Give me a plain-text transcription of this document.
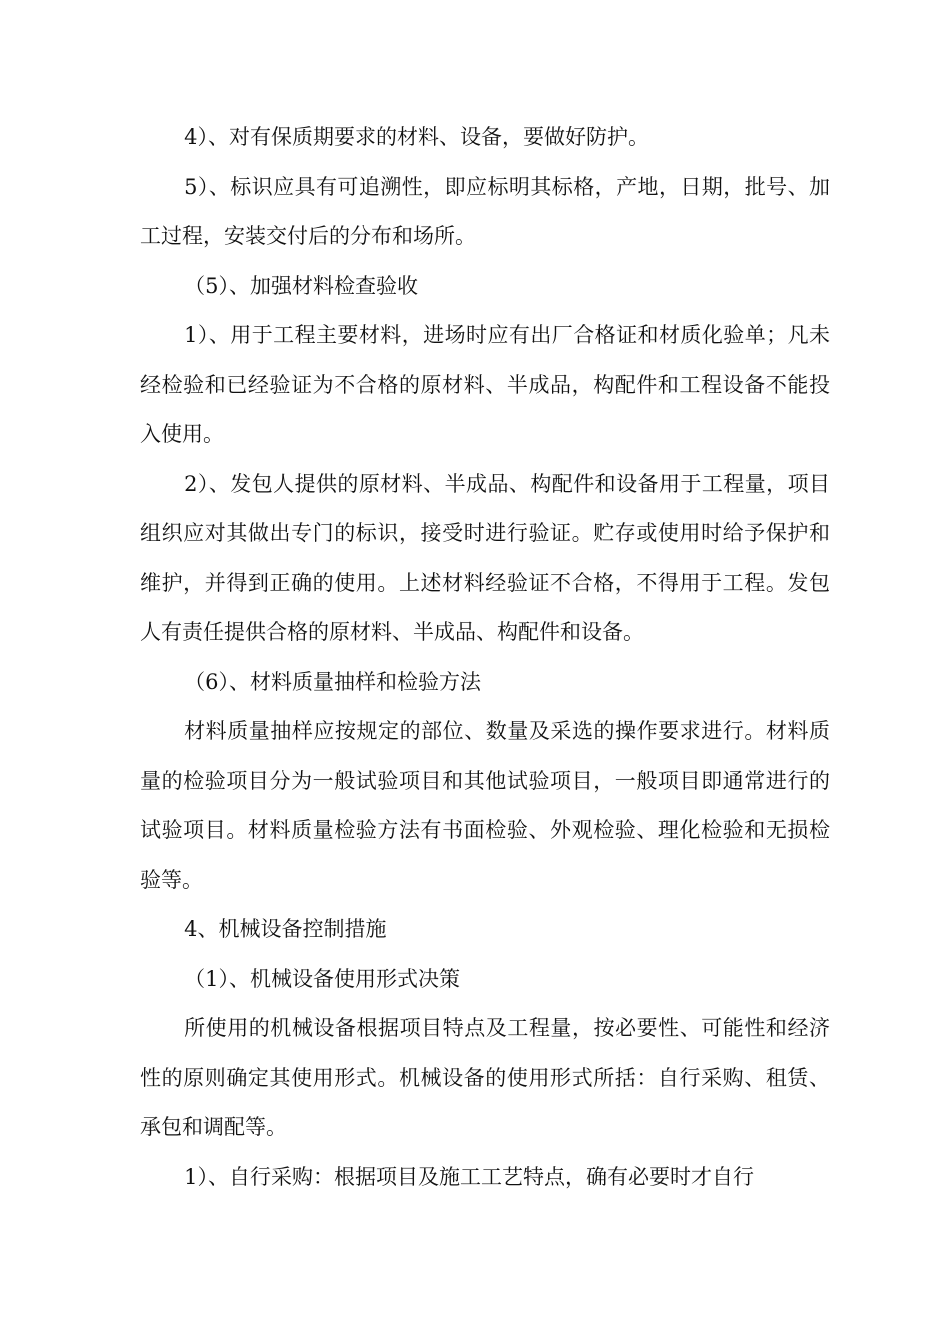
4）、对有保质期要求的材料、设备，要做好防护。

5）、标识应具有可追溯性，即应标明其标格，产地，日期，批号、加工过程，安装交付后的分布和场所。

（5）、加强材料检查验收

1）、用于工程主要材料，进场时应有出厂合格证和材质化验单；凡未经检验和已经验证为不合格的原材料、半成品，构配件和工程设备不能投入使用。

2）、发包人提供的原材料、半成品、构配件和设备用于工程量，项目组织应对其做出专门的标识，接受时进行验证。贮存或使用时给予保护和维护，并得到正确的使用。上述材料经验证不合格，不得用于工程。发包人有责任提供合格的原材料、半成品、构配件和设备。

（6）、材料质量抽样和检验方法

材料质量抽样应按规定的部位、数量及采选的操作要求进行。材料质量的检验项目分为一般试验项目和其他试验项目，一般项目即通常进行的试验项目。材料质量检验方法有书面检验、外观检验、理化检验和无损检验等。

4、机械设备控制措施

（1）、机械设备使用形式决策

所使用的机械设备根据项目特点及工程量，按必要性、可能性和经济性的原则确定其使用形式。机械设备的使用形式所括：自行采购、租赁、承包和调配等。

1）、自行采购：根据项目及施工工艺特点，确有必要时才自行
